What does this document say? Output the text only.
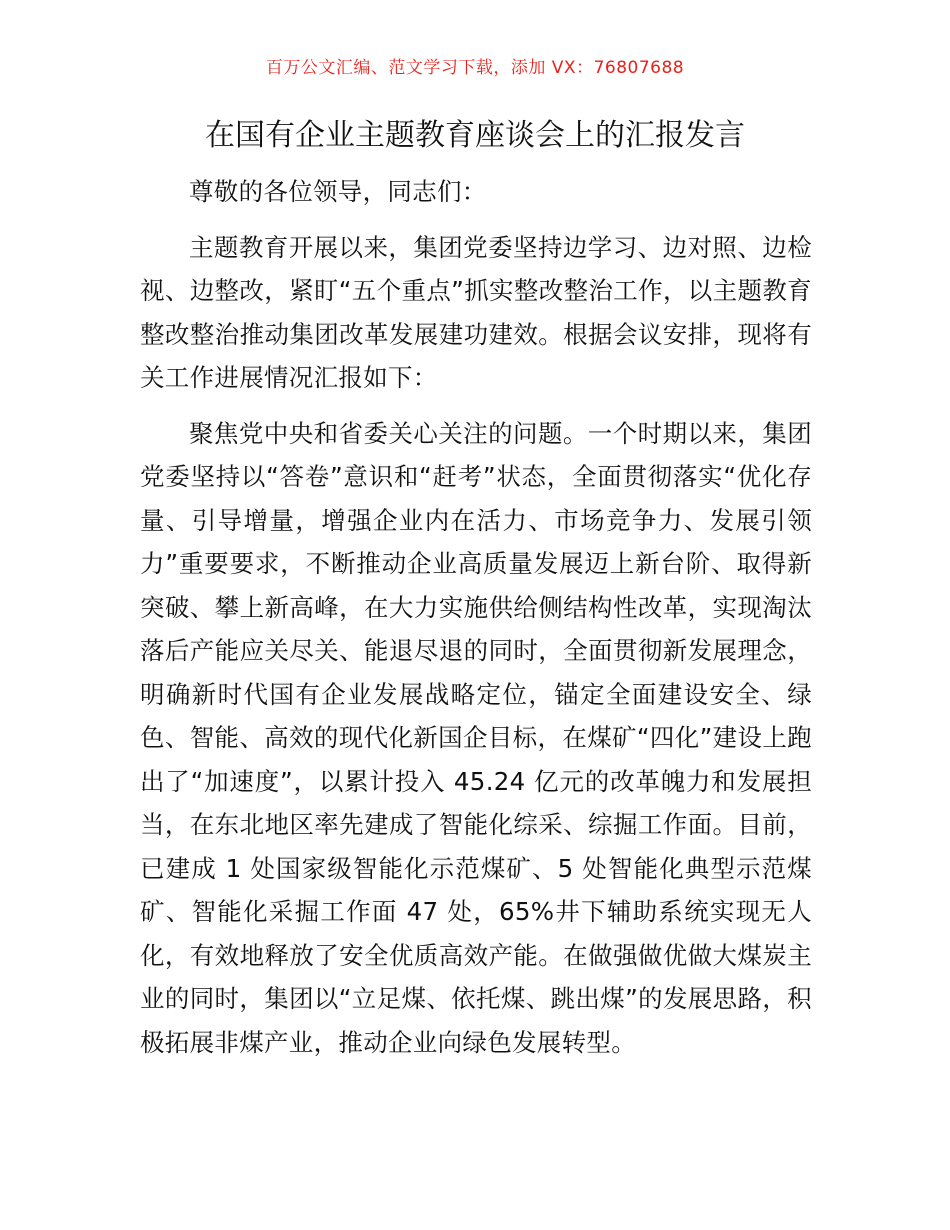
百万公文汇编、范文学习下载，添加 VX：76807688
在国有企业主题教育座谈会上的汇报发言

尊敬的各位领导，同志们：

主题教育开展以来，集团党委坚持边学习、边对照、边检视、边整改，紧盯“五个重点”抓实整改整治工作，以主题教育整改整治推动集团改革发展建功建效。根据会议安排，现将有关工作进展情况汇报如下：

聚焦党中央和省委关心关注的问题。一个时期以来，集团党委坚持以“答卷”意识和“赶考”状态，全面贯彻落实“优化存量、引导增量，增强企业内在活力、市场竞争力、发展引领力”重要要求，不断推动企业高质量发展迈上新台阶、取得新突破、攀上新高峰，在大力实施供给侧结构性改革，实现淘汰落后产能应关尽关、能退尽退的同时，全面贯彻新发展理念，明确新时代国有企业发展战略定位，锚定全面建设安全、绿色、智能、高效的现代化新国企目标，在煤矿“四化”建设上跑出了“加速度”，以累计投入 45.24 亿元的改革魄力和发展担当，在东北地区率先建成了智能化综采、综掘工作面。目前，已建成 1 处国家级智能化示范煤矿、5 处智能化典型示范煤矿、智能化采掘工作面 47 处，65%井下辅助系统实现无人化，有效地释放了安全优质高效产能。在做强做优做大煤炭主业的同时，集团以“立足煤、依托煤、跳出煤”的发展思路，积极拓展非煤产业，推动企业向绿色发展转型。
